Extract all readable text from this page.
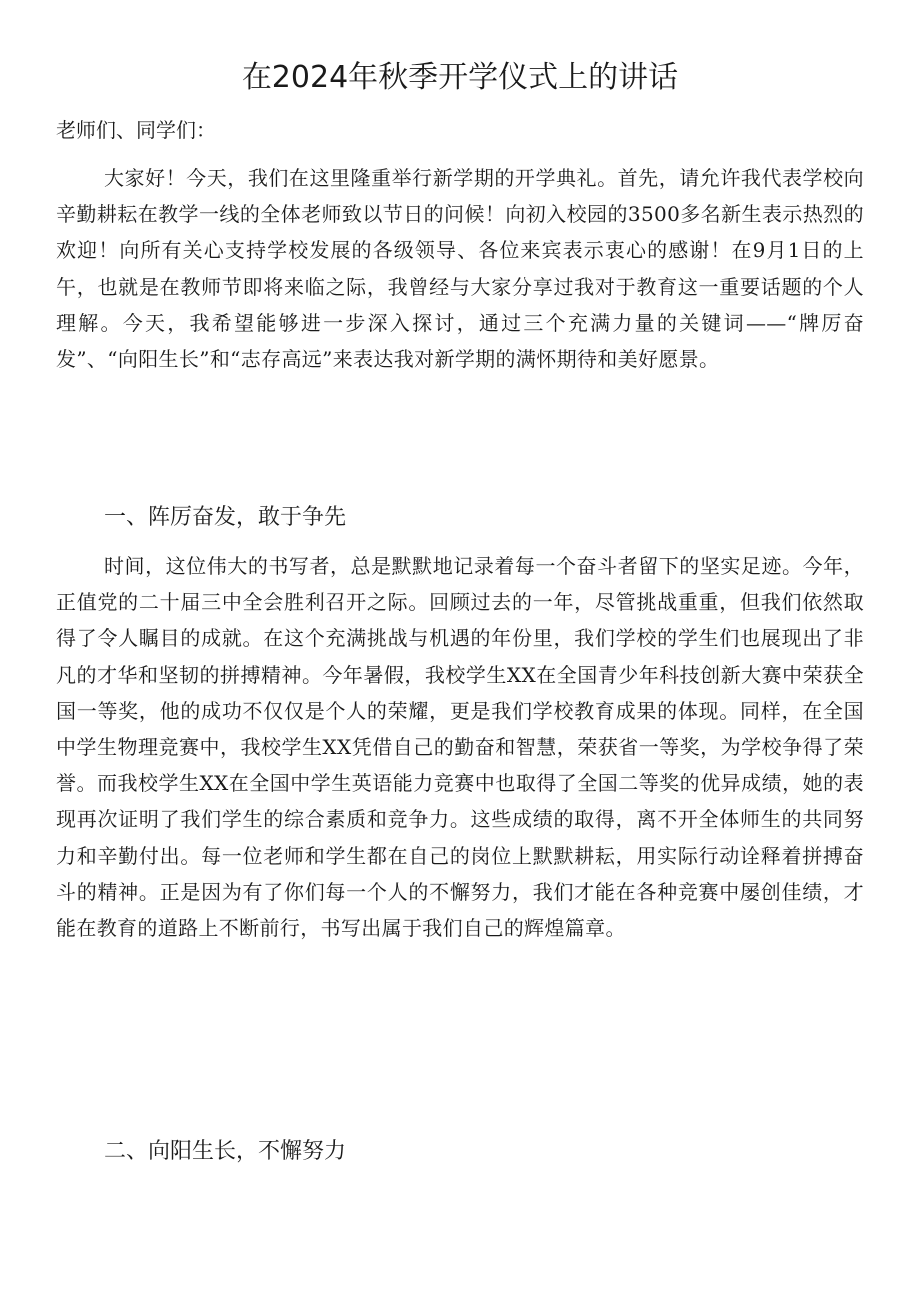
在2024年秋季开学仪式上的讲话

老师们、同学们：

大家好！今天，我们在这里隆重举行新学期的开学典礼。首先，请允许我代表学校向辛勤耕耘在教学一线的全体老师致以节日的问候！向初入校园的3500多名新生表示热烈的欢迎！向所有关心支持学校发展的各级领导、各位来宾表示衷心的感谢！在9月1日的上午，也就是在教师节即将来临之际，我曾经与大家分享过我对于教育这一重要话题的个人理解。今天，我希望能够进一步深入探讨，通过三个充满力量的关键词——“牌厉奋发”、“向阳生长”和“志存高远”来表达我对新学期的满怀期待和美好愿景。

一、阵厉奋发，敢于争先

时间，这位伟大的书写者，总是默默地记录着每一个奋斗者留下的坚实足迹。今年，正值党的二十届三中全会胜利召开之际。回顾过去的一年，尽管挑战重重，但我们依然取得了令人瞩目的成就。在这个充满挑战与机遇的年份里，我们学校的学生们也展现出了非凡的才华和坚韧的拼搏精神。今年暑假，我校学生XX在全国青少年科技创新大赛中荣获全国一等奖，他的成功不仅仅是个人的荣耀，更是我们学校教育成果的体现。同样，在全国中学生物理竞赛中，我校学生XX凭借自己的勤奋和智慧，荣获省一等奖，为学校争得了荣誉。而我校学生XX在全国中学生英语能力竞赛中也取得了全国二等奖的优异成绩，她的表现再次证明了我们学生的综合素质和竞争力。这些成绩的取得，离不开全体师生的共同努力和辛勤付出。每一位老师和学生都在自己的岗位上默默耕耘，用实际行动诠释着拼搏奋斗的精神。正是因为有了你们每一个人的不懈努力，我们才能在各种竞赛中屡创佳绩，才能在教育的道路上不断前行，书写出属于我们自己的辉煌篇章。

二、向阳生长，不懈努力
